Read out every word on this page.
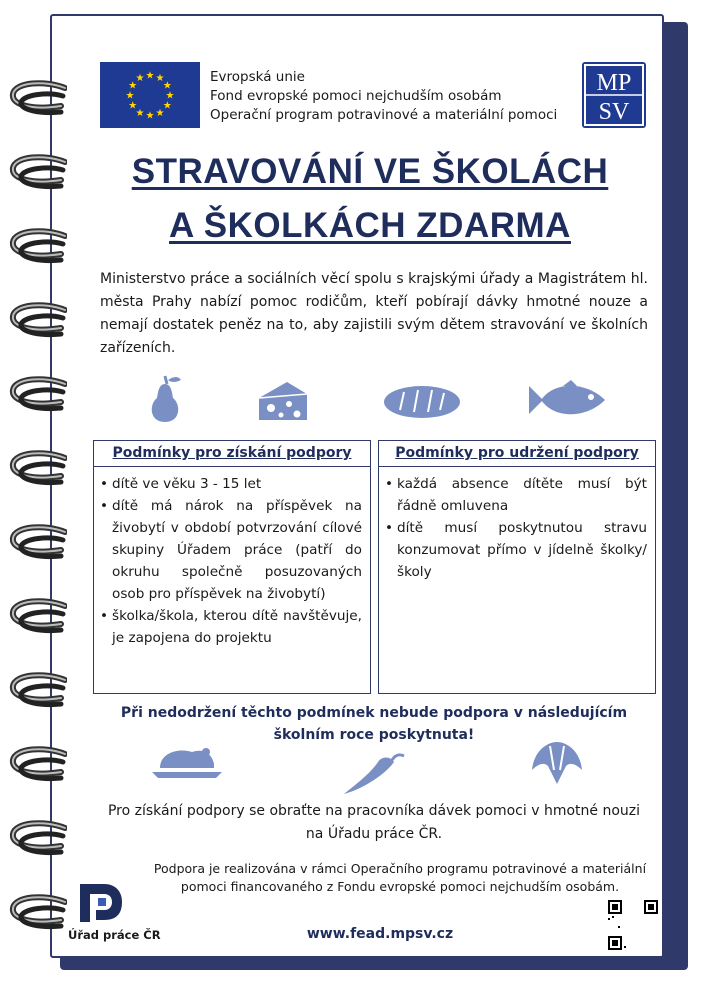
★ ★
★
★
★
★
★
★
★
★
★
★	Evropská unie
Fond evropské pomoci nejchudším osobám
Operační program potravinové a materiální pomoci
MP
SV
STRAVOVÁNÍ VE ŠKOLÁCH
A ŠKOLKÁCH ZDARMA

Ministerstvo práce a sociálních věcí spolu s krajskými úřady a Magistrátem hl. města Prahy nabízí pomoc rodičům, kteří pobírají dávky hmotné nouze a nemají dostatek peněz na to, aby zajistili svým dětem stravování ve školních zařízeních.

Podmínky pro získání podpory
• dítě ve věku 3 - 15 let
• dítě má nárok na příspěvek na živobytí v období potvrzování cílové skupiny Úřadem práce (patří do okruhu společně posuzovaných osob pro příspěvek na živobytí)
• školka/škola, kterou dítě navštěvuje, je zapojena do projektu
Podmínky pro udržení podpory
• každá absence dítěte musí být řádně omluvena
• dítě musí poskytnutou stravu konzumovat přímo v jídelně školky/školy
Při nedodržení těchto podmínek nebude podpora v následujícím školním roce poskytnuta!
Pro získání podpory se obraťte na pracovníka dávek pomoci v hmotné nouzi na Úřadu práce ČR.
Podpora je realizována v rámci Operačního programu potravinové a materiální pomoci financovaného z Fondu evropské pomoci nejchudším osobám.
www.fead.mpsv.cz
Úřad práce ČR
